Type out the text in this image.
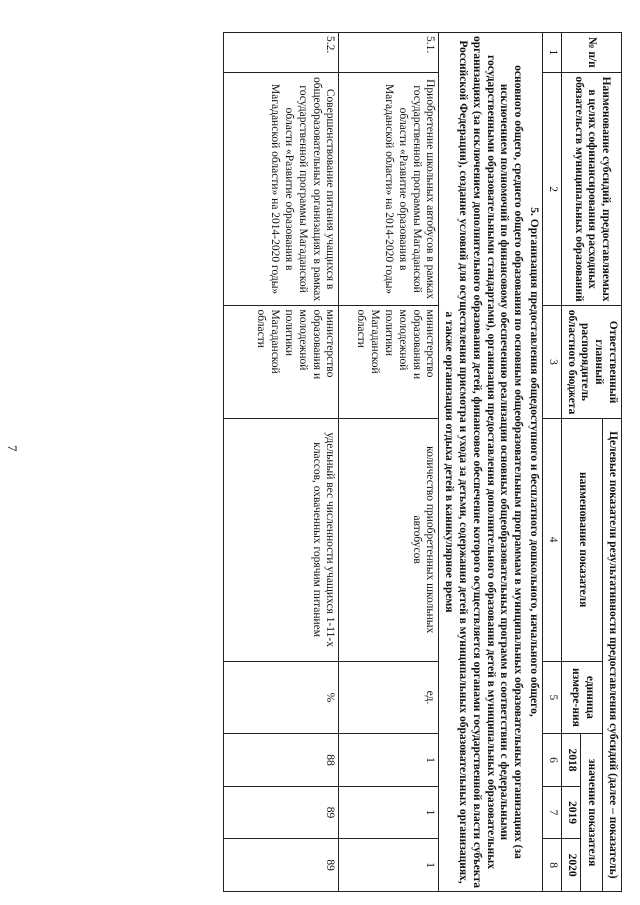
7
№ п/п	Наименование субсидий, предоставляемых в целях софинансирования расходных обязательств муниципальных образований	Ответственный главный распорядитель областного бюджета	Целевые показатели результативности предоставления субсидий (далее – показатель)				
			наименование показателя	единица измере-ния	значение показателя		
					2018	2019	2020
1	2	3	4	5	6	7	8

5. Организация предоставления общедоступного и бесплатного дошкольного, начального общего,
основного общего, среднего общего образования по основным общеобразовательным программам в муниципальных образовательных организациях (за исключением полномочий по финансовому обеспечению реализации основных общеобразовательных программ в соответствии с федеральными государственными образовательными стандартами), организация предоставления дополнительного образования детей в муниципальных образовательных организациях (за исключением дополнительного образования детей, финансовое обеспечение которого осуществляется органами государственной власти субъекта Российской Федерации), создание условий для осуществления присмотра и ухода за детьми, содержания детей в муниципальных образовательных организациях,
а также организация отдыха детей в каникулярное время							

5.1.	Приобретение школьных автобусов в рамках государственной программы Магаданской области «Развитие образования в Магаданской области» на 2014-2020 годы»	министерство образования и молодежной политики Магаданской области	количество приобретенных школьных автобусов	ед.	1	1	1
5.2.	Совершенствование питания учащихся в общеобразовательных организациях в рамках государственной программы Магаданской области «Развитие образования в Магаданской области» на 2014-2020 годы»	министерство образования и молодежной политики Магаданской области	удельный вес численности учащихся 1-11-х классов, охваченных горячим питанием	%	88	89	89
